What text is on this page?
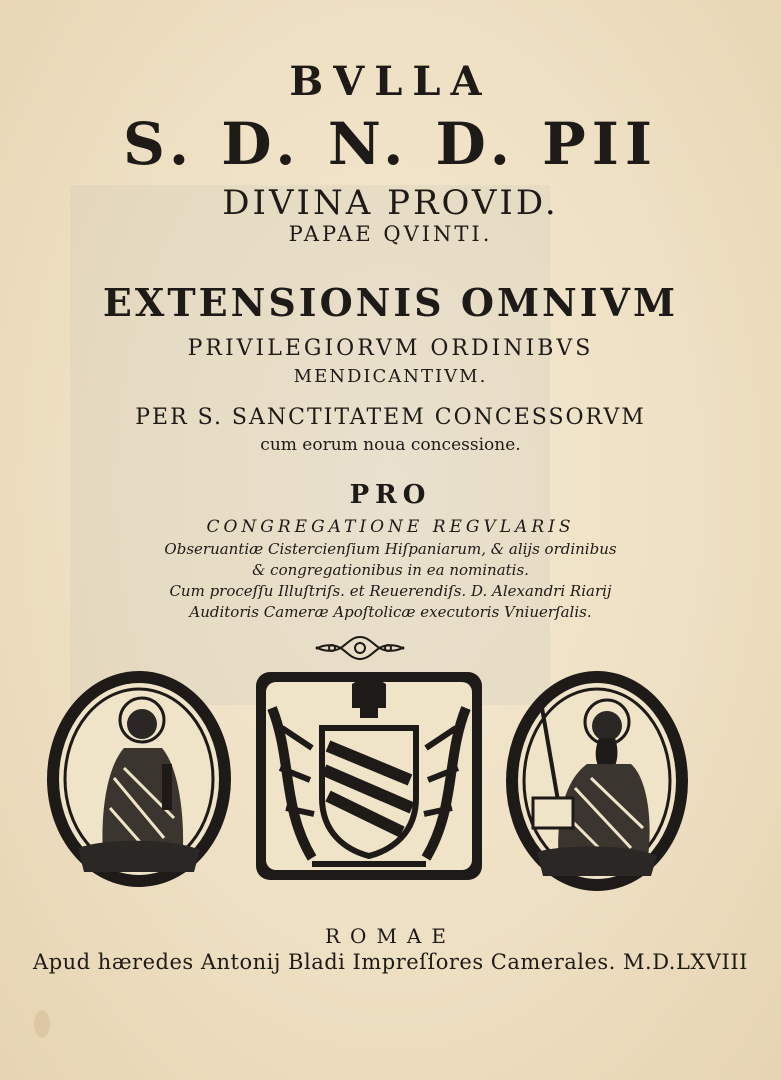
BVLLA
S. D. N. D. PII
DIVINA PROVID.
PAPAE QVINTI.
EXTENSIONIS OMNIVM
PRIVILEGIORVM ORDINIBVS
MENDICANTIVM.
PER S. SANCTITATEM CONCESSORVM
cum eorum noua concessione.
PRO
CONGREGATIONE REGVLARIS
Obseruantiæ Cistercienſium Hiſpaniarum, & alijs ordinibus
& congregationibus in ea nominatis.
Cum proceſſu Illuſtriſs. et Reuerendiſs. D. Alexandri Riarij
Auditoris Cameræ Apoſtolicæ executoris Vniuerſalis.
ROMAE
Apud hæredes Antonij Bladi Impreſſores Camerales. M.D.LXVIII
